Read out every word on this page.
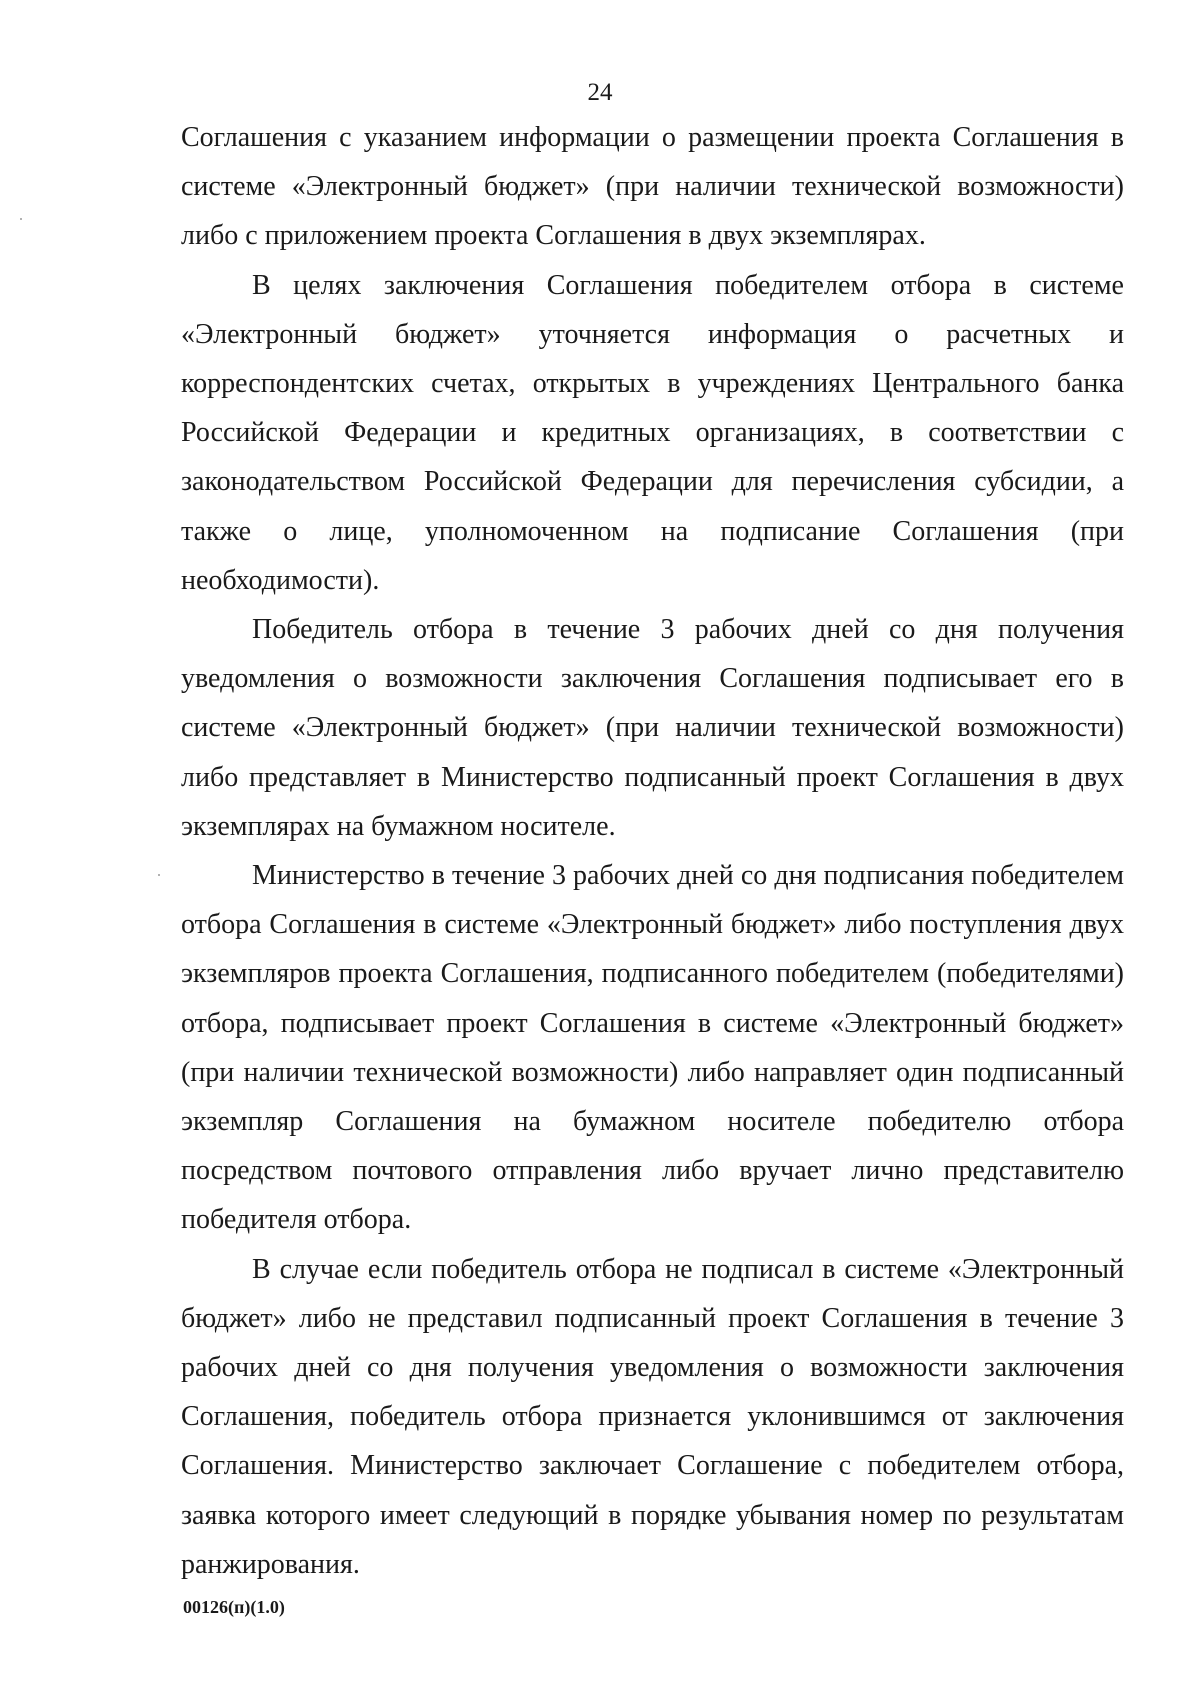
24

Соглашения с указанием информации о размещении проекта Соглашения в системе «Электронный бюджет» (при наличии технической возможности) либо с приложением проекта Соглашения в двух экземплярах.

В целях заключения Соглашения победителем отбора в системе «Электронный бюджет» уточняется информация о расчетных и корреспондентских счетах, открытых в учреждениях Центрального банка Российской Федерации и кредитных организациях, в соответствии с законодательством Российской Федерации для перечисления субсидии, а также о лице, уполномоченном на подписание Соглашения (при необходимости).

Победитель отбора в течение 3 рабочих дней со дня получения уведомления о возможности заключения Соглашения подписывает его в системе «Электронный бюджет» (при наличии технической возможности) либо представляет в Министерство подписанный проект Соглашения в двух экземплярах на бумажном носителе.

Министерство в течение 3 рабочих дней со дня подписания победителем отбора Соглашения в системе «Электронный бюджет» либо поступления двух экземпляров проекта Соглашения, подписанного победителем (победителями) отбора, подписывает проект Соглашения в системе «Электронный бюджет» (при наличии технической возможности) либо направляет один подписанный экземпляр Соглашения на бумажном носителе победителю отбора посредством почтового отправления либо вручает лично представителю победителя отбора.

В случае если победитель отбора не подписал в системе «Электронный бюджет» либо не представил подписанный проект Соглашения в течение 3 рабочих дней со дня получения уведомления о возможности заключения Соглашения, победитель отбора признается уклонившимся от заключения Соглашения. Министерство заключает Соглашение с победителем отбора, заявка которого имеет следующий в порядке убывания номер по результатам ранжирования.

00126(п)(1.0)
